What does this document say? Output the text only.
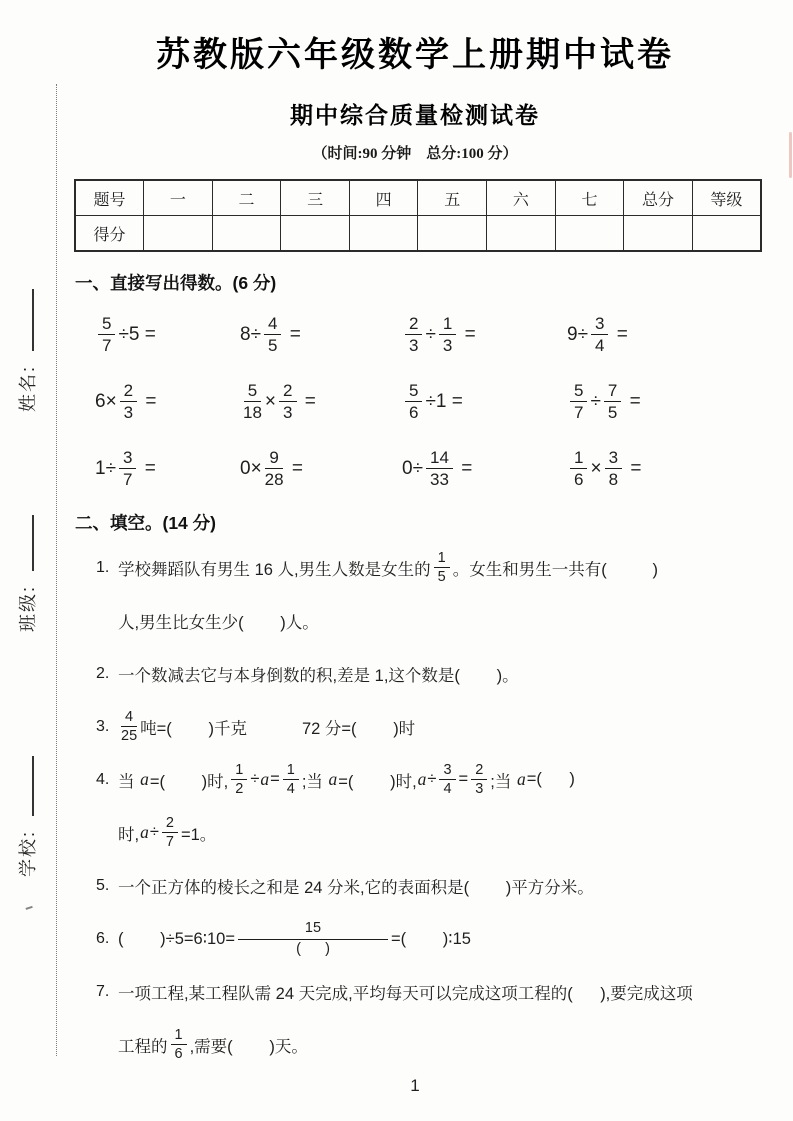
姓名:
班级:
学校:
苏教版六年级数学上册期中试卷
期中综合质量检测试卷
（时间:90 分钟　总分:100 分）
题号	一	二	三	四	五	六	七	总分	等级
得分									
一、直接写出得数。(6 分)
$\frac{5}{7} \div 5$ =	$8\div \frac{4}{5}$ =	$\frac{2}{3} \div \frac{1}{3}$ =	$9\div \frac{3}{4}$ =
$6\times \frac{2}{3}$ =	$\frac{5}{18} \times \frac{2}{3}$ =	$\frac{5}{6} \div 1$ =	$\frac{5}{7} \div \frac{7}{5}$ =
$1\div \frac{3}{7}$ =	$0\times \frac{9}{28}$ =	$0\div \frac{14}{33}$ =	$\frac{1}{6} \times \frac{3}{8}$ =
二、填空。(14 分)
1. 学校舞蹈队有男生 16 人,男生人数是女生的 $\frac{1}{5}$ 。女生和男生一共有(          )
人,男生比女生少(        )人。
2. 一个数减去它与本身倒数的积,差是 1,这个数是(        )。
3. $\frac{4}{25}$ 吨=(        )千克            72 分=(        )时
4. 当 a =(        )时, $\frac{1}{2} \div a = \frac{1}{4}$ ;当 a =(        )时, $a \div \frac{3}{4} = \frac{2}{3}$ ;当 a =(      )
时, $a \div \frac{2}{7} =1$。
5. 一个正方体的棱长之和是 24 分米,它的表面积是(        )平方分米。
6. (        )÷5=6∶10= $\frac{15}{( )}$ =(        )∶15
7. 一项工程,某工程队需 24 天完成,平均每天可以完成这项工程的(      ),要完成这项
工程的 $\frac{1}{6}$ ,需要(        )天。
1
